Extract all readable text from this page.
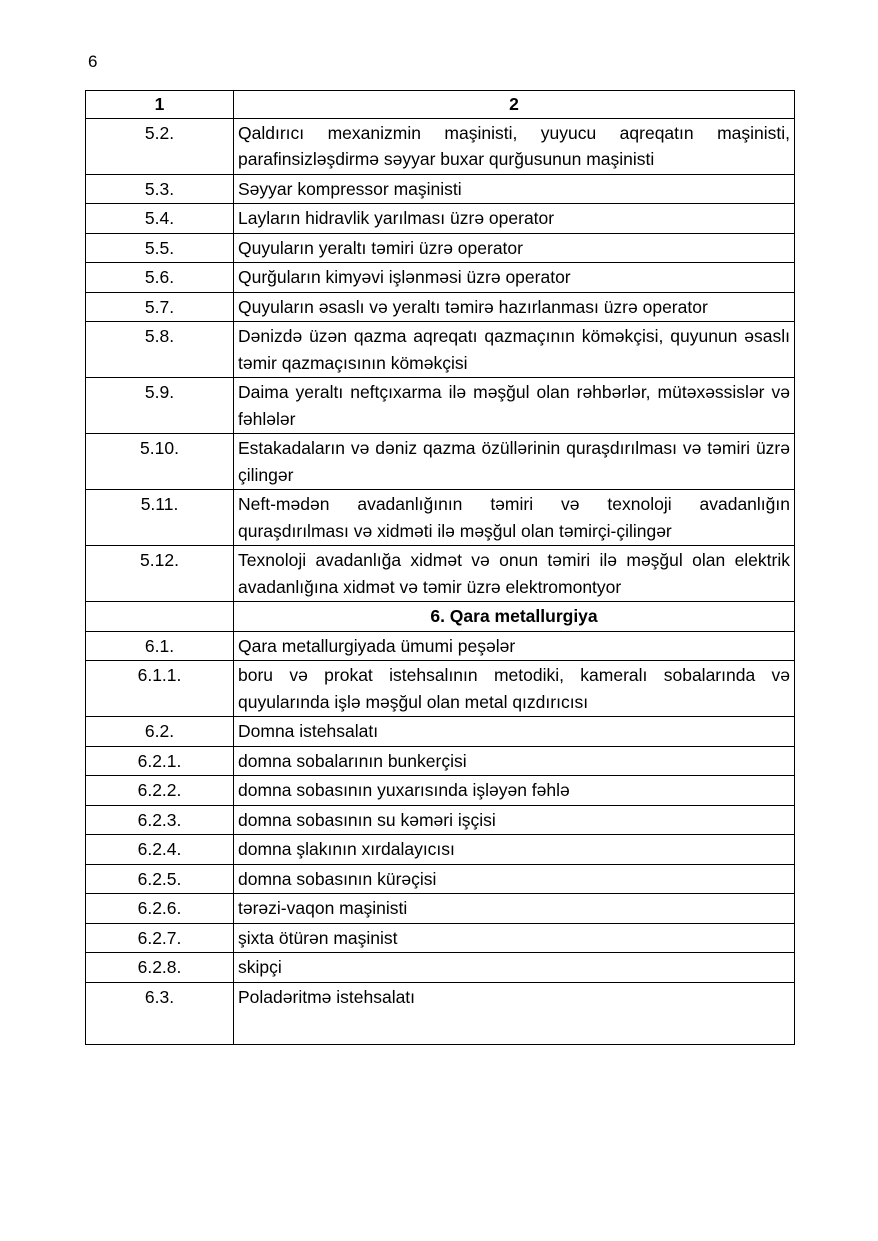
6
1	2
5.2.	Qaldırıcı mexanizmin maşinisti, yuyucu aqreqatın maşinisti, parafinsizləşdirmə səyyar buxar qurğusunun maşinisti
5.3.	Səyyar kompressor maşinisti
5.4.	Layların hidravlik yarılması üzrə operator
5.5.	Quyuların yeraltı təmiri üzrə operator
5.6.	Qurğuların kimyəvi işlənməsi üzrə operator
5.7.	Quyuların əsaslı və yeraltı təmirə hazırlanması üzrə operator
5.8.	Dənizdə üzən qazma aqreqatı qazmaçının köməkçisi, quyunun əsaslı təmir qazmaçısının köməkçisi
5.9.	Daima yeraltı neftçıxarma ilə məşğul olan rəhbərlər, mütəxəssislər və fəhlələr
5.10.	Estakadaların və dəniz qazma özüllərinin quraşdırılması və təmiri üzrə çilingər
5.11.	Neft-mədən avadanlığının təmiri və texnoloji avadanlığın quraşdırılması və xidməti ilə məşğul olan təmirçi-çilingər
5.12.	Texnoloji avadanlığa xidmət və onun təmiri ilə məşğul olan elektrik avadanlığına xidmət və təmir üzrə elektromontyor
	6. Qara metallurgiya
6.1.	Qara metallurgiyada ümumi peşələr
6.1.1.	boru və prokat istehsalının metodiki, kameralı sobalarında və quyularında işlə məşğul olan metal qızdırıcısı
6.2.	Domna istehsalatı
6.2.1.	domna sobalarının bunkerçisi
6.2.2.	domna sobasının yuxarısında işləyən fəhlə
6.2.3.	domna sobasının su kəməri işçisi
6.2.4.	domna şlakının xırdalayıcısı
6.2.5.	domna sobasının kürəçisi
6.2.6.	tərəzi-vaqon maşinisti
6.2.7.	şixta ötürən maşinist
6.2.8.	skipçi
6.3.	Poladəritmə istehsalatı
